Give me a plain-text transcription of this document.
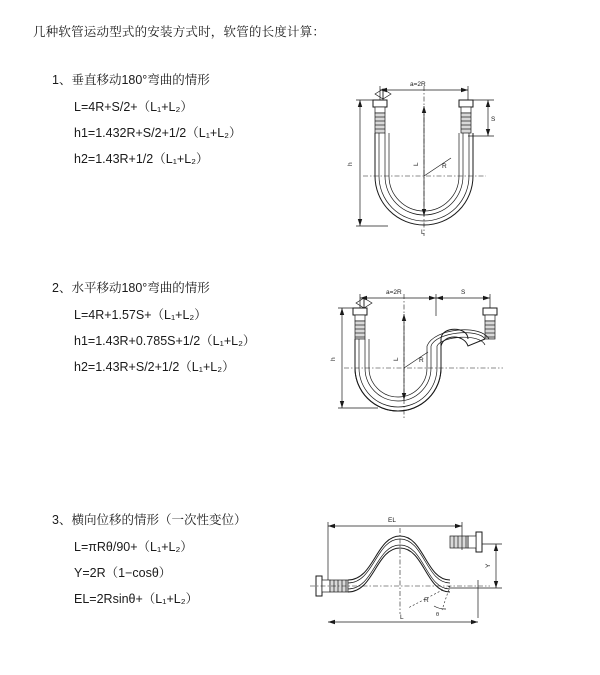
几种软管运动型式的安装方式时，软管的长度计算：

1、垂直移动180°弯曲的情形

L=4R+S/2+（L₁+L₂）

h1=1.432R+S/2+1/2（L₁+L₂）

h2=1.43R+1/2（L₁+L₂）

a=2R
S
h	L	R
L

2、水平移动180°弯曲的情形

L=4R+1.57S+（L₁+L₂）

h1=1.43R+0.785S+1/2（L₁+L₂）

h2=1.43R+S/2+1/2（L₁+L₂）

a=2R	S
h	L	R

3、横向位移的情形（一次性变位）

L=πRθ/90+（L₁+L₂）

Y=2R（1−cosθ）

EL=2Rsinθ+（L₁+L₂）

EL
L
Y
R
θ
